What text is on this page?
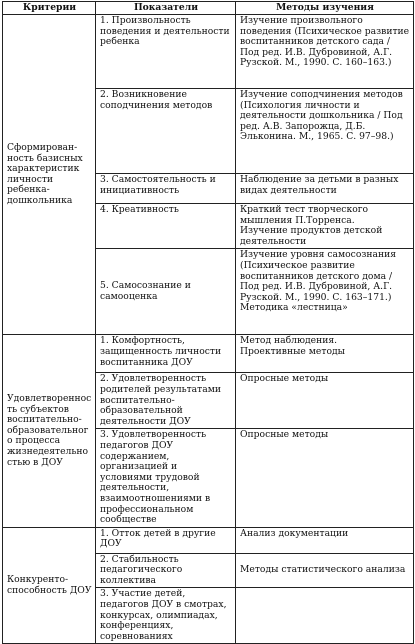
Критерии	Показатели	Методы изучения
Сформирован-ность базисных характеристик личности ребенка-дошкольника	1. Произвольность поведения и деятельности ребенка	Изучение произвольного поведения (Психическое развитие воспитанников детского сада / Под ред. И.В. Дубровиной, А.Г. Рузской. М., 1990. С. 160–163.)

	2. Возникновение соподчинения методов	Изучение соподчинения методов (Психология личности и деятельности дошкольника / Под ред. А.В. Запорожца, Д.Б. Эльконина. М., 1965. С. 97–98.)

	3. Самостоятельность и инициативность	Наблюдение за детьми в разных видах деятельности

	4. Креативность	Краткий тест творческого мышления П.Торренса.
Изучение продуктов детской деятельности

	5. Самосознание и самооценка	Изучение уровня самосознания (Психическое развитие воспитанников детского дома / Под ред. И.В. Дубровиной, А.Г. Рузской. М., 1990. С. 163–171.)
Методика «лестница»

Удовлетворенность субъектов воспитательно-образовательного процесса жизнедеятельностью в ДОУ	1. Комфортность, защищенность личности воспитанника ДОУ	Метод наблюдения.
Проективные методы

	2. Удовлетворенность родителей результатами воспитательно-образовательной деятельности ДОУ	Опросные методы

	3. Удовлетворенность педагогов ДОУ содержанием, организацией и условиями трудовой деятельности, взаимоотношениями в профессиональном сообществе	Опросные методы

Конкуренто-способность ДОУ	1. Отток детей в другие ДОУ	Анализ документации

	2. Стабильность педагогического коллектива	Методы статистического анализа

	3. Участие детей, педагогов ДОУ в смотрах, конкурсах, олимпиадах, конференциях, соревнованиях	
